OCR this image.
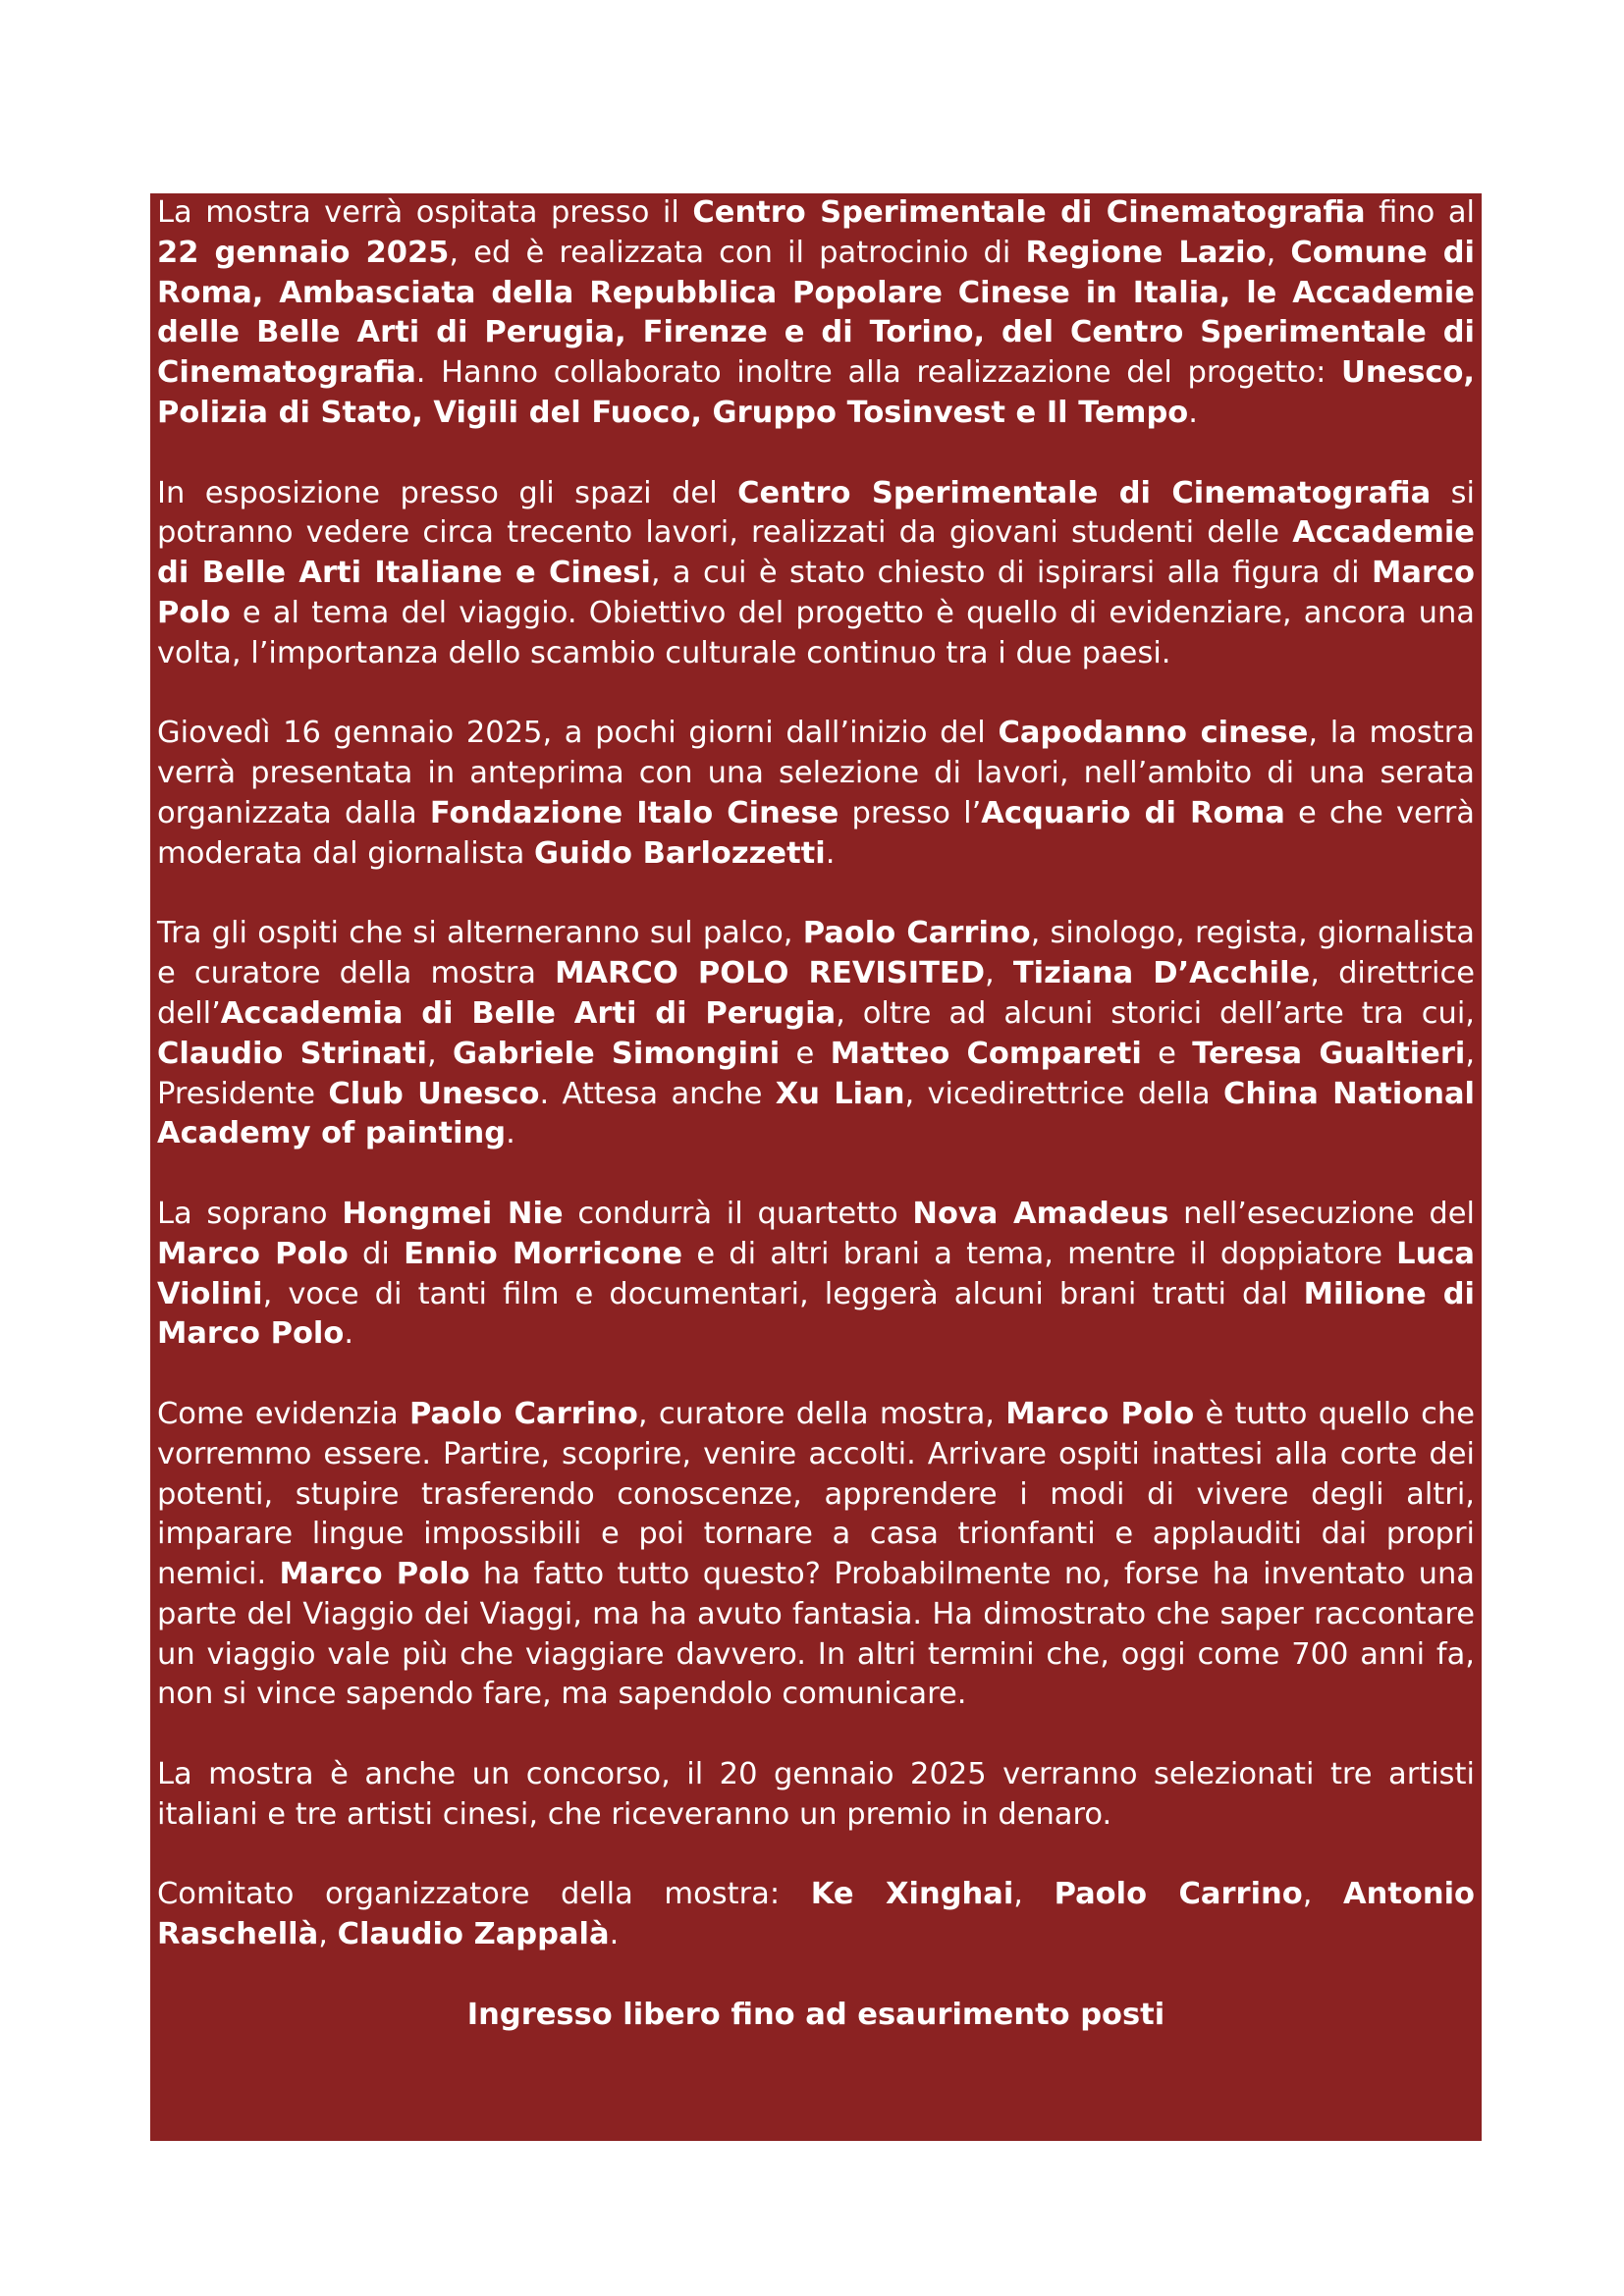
La mostra verrà ospitata presso il Centro Sperimentale di Cinematografia fino al 22 gennaio 2025, ed è realizzata con il patrocinio di Regione Lazio, Comune di Roma, Ambasciata della Repubblica Popolare Cinese in Italia, le Accademie delle Belle Arti di Perugia, Firenze e di Torino, del Centro Sperimentale di Cinematografia. Hanno collaborato inoltre alla realizzazione del progetto: Unesco, Polizia di Stato, Vigili del Fuoco, Gruppo Tosinvest e Il Tempo.

In esposizione presso gli spazi del Centro Sperimentale di Cinematografia si potranno vedere circa trecento lavori, realizzati da giovani studenti delle Accademie di Belle Arti Italiane e Cinesi, a cui è stato chiesto di ispirarsi alla figura di Marco Polo e al tema del viaggio. Obiettivo del progetto è quello di evidenziare, ancora una volta, l’importanza dello scambio culturale continuo tra i due paesi.

Giovedì 16 gennaio 2025, a pochi giorni dall’inizio del Capodanno cinese, la mostra verrà presentata in anteprima con una selezione di lavori, nell’ambito di una serata organizzata dalla Fondazione Italo Cinese presso l’Acquario di Roma e che verrà moderata dal giornalista Guido Barlozzetti.

Tra gli ospiti che si alterneranno sul palco, Paolo Carrino, sinologo, regista, giornalista e curatore della mostra MARCO POLO REVISITED, Tiziana D’Acchile, direttrice dell’Accademia di Belle Arti di Perugia, oltre ad alcuni storici dell’arte tra cui, Claudio Strinati, Gabriele Simongini e Matteo Compareti e Teresa Gualtieri, Presidente Club Unesco. Attesa anche Xu Lian, vicedirettrice della China National Academy of painting.

La soprano Hongmei Nie condurrà il quartetto Nova Amadeus nell’esecuzione del Marco Polo di Ennio Morricone e di altri brani a tema, mentre il doppiatore Luca Violini, voce di tanti film e documentari, leggerà alcuni brani tratti dal Milione di Marco Polo.

Come evidenzia Paolo Carrino, curatore della mostra, Marco Polo è tutto quello che vorremmo essere. Partire, scoprire, venire accolti. Arrivare ospiti inattesi alla corte dei potenti, stupire trasferendo conoscenze, apprendere i modi di vivere degli altri, imparare lingue impossibili e poi tornare a casa trionfanti e applauditi dai propri nemici. Marco Polo ha fatto tutto questo? Probabilmente no, forse ha inventato una parte del Viaggio dei Viaggi, ma ha avuto fantasia. Ha dimostrato che saper raccontare un viaggio vale più che viaggiare davvero. In altri termini che, oggi come 700 anni fa, non si vince sapendo fare, ma sapendolo comunicare.

La mostra è anche un concorso, il 20 gennaio 2025 verranno selezionati tre artisti italiani e tre artisti cinesi, che riceveranno un premio in denaro.

Comitato organizzatore della mostra: Ke Xinghai, Paolo Carrino, Antonio Raschellà, Claudio Zappalà.

Ingresso libero fino ad esaurimento posti
